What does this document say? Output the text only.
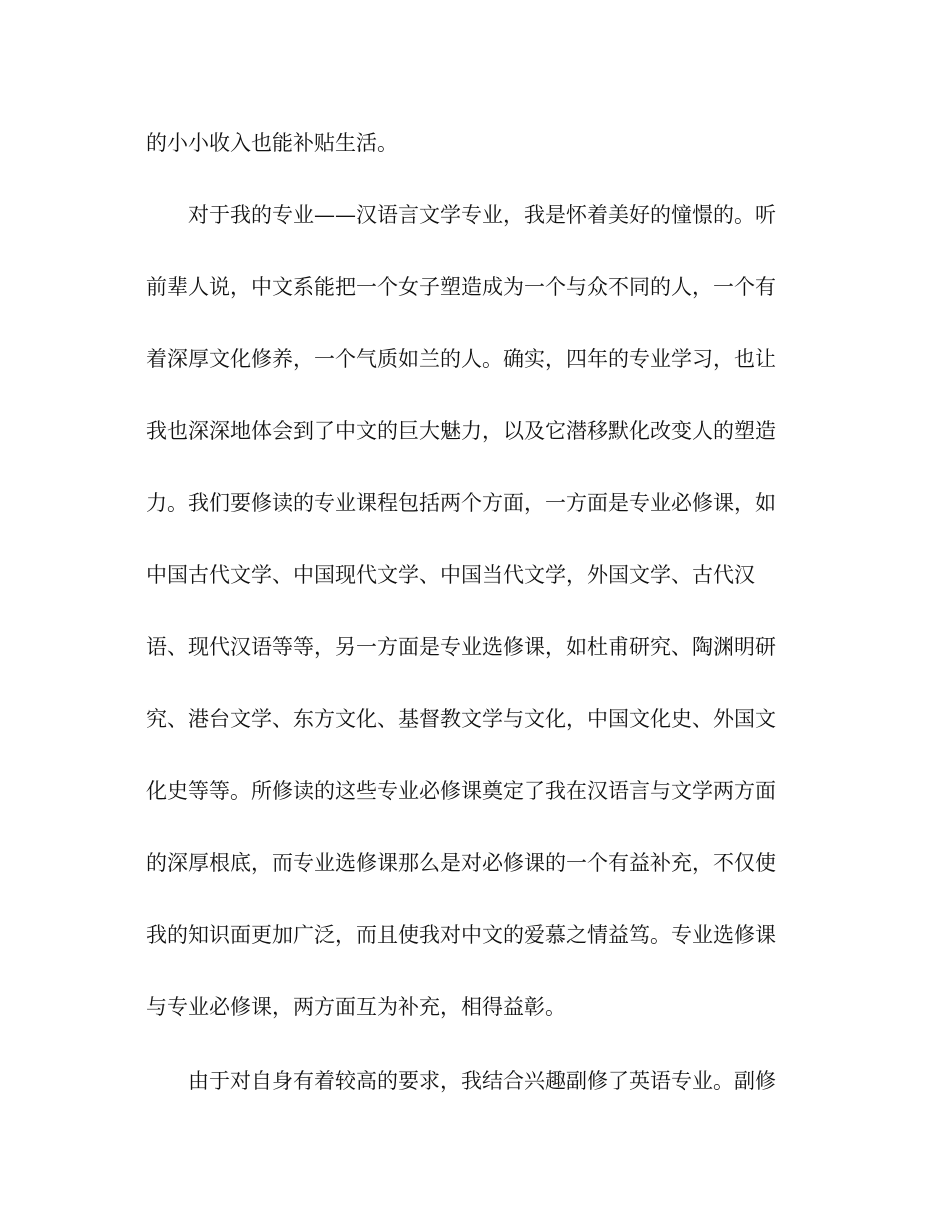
的小小收入也能补贴生活。
对于我的专业——汉语言文学专业，我是怀着美好的憧憬的。听
前辈人说，中文系能把一个女子塑造成为一个与众不同的人，一个有
着深厚文化修养，一个气质如兰的人。确实，四年的专业学习，也让
我也深深地体会到了中文的巨大魅力，以及它潜移默化改变人的塑造
力。我们要修读的专业课程包括两个方面，一方面是专业必修课，如
中国古代文学、中国现代文学、中国当代文学，外国文学、古代汉
语、现代汉语等等，另一方面是专业选修课，如杜甫研究、陶渊明研
究、港台文学、东方文化、基督教文学与文化，中国文化史、外国文
化史等等。所修读的这些专业必修课奠定了我在汉语言与文学两方面
的深厚根底，而专业选修课那么是对必修课的一个有益补充，不仅使
我的知识面更加广泛，而且使我对中文的爱慕之情益笃。专业选修课
与专业必修课，两方面互为补充，相得益彰。
由于对自身有着较高的要求，我结合兴趣副修了英语专业。副修
